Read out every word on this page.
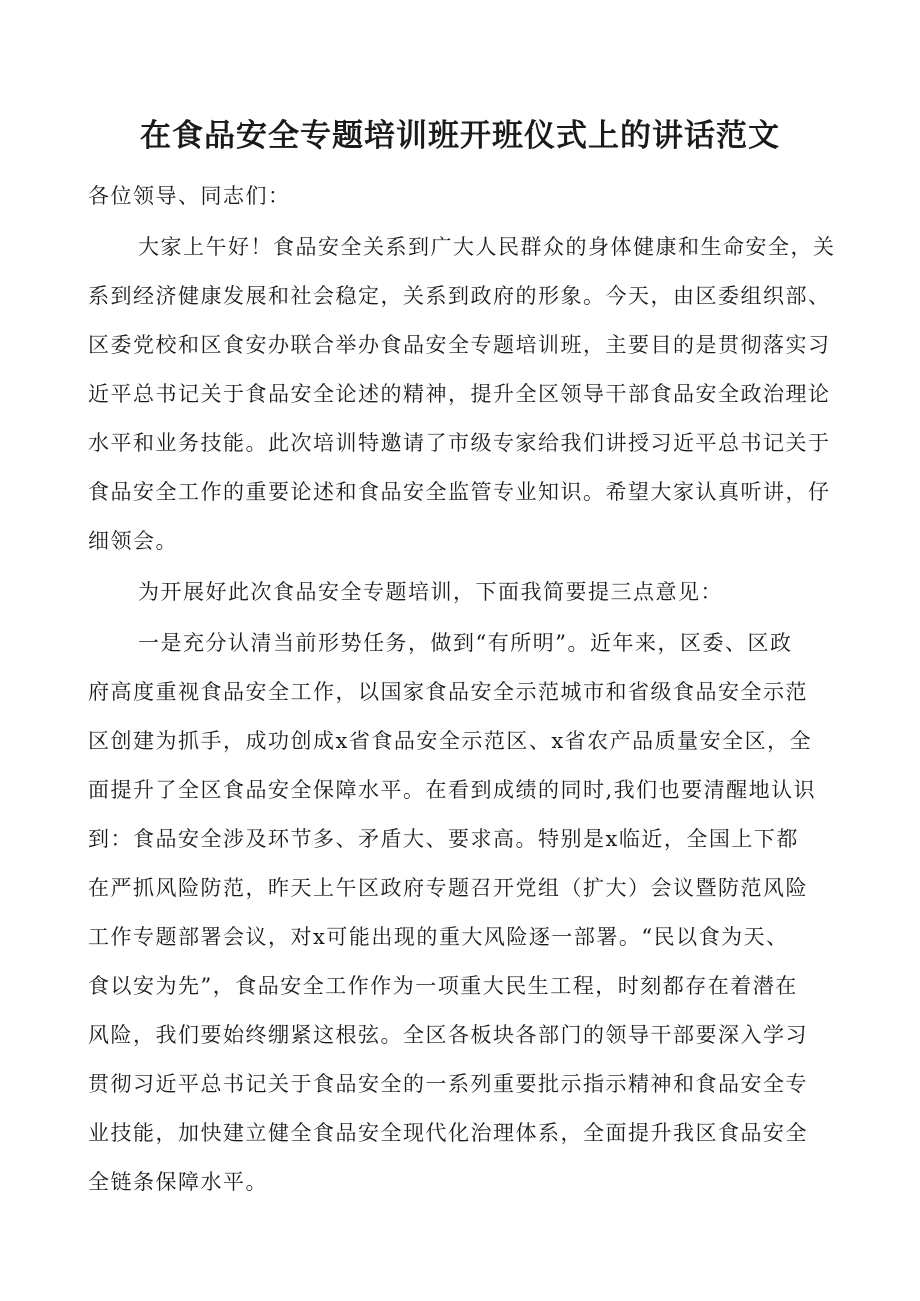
在食品安全专题培训班开班仪式上的讲话范文
各位领导、同志们：
大家上午好！食品安全关系到广大人民群众的身体健康和生命安全，关
系到经济健康发展和社会稳定，关系到政府的形象。今天，由区委组织部、
区委党校和区食安办联合举办食品安全专题培训班，主要目的是贯彻落实习
近平总书记关于食品安全论述的精神，提升全区领导干部食品安全政治理论
水平和业务技能。此次培训特邀请了市级专家给我们讲授习近平总书记关于
食品安全工作的重要论述和食品安全监管专业知识。希望大家认真听讲，仔
细领会。
为开展好此次食品安全专题培训，下面我简要提三点意见：
一是充分认清当前形势任务，做到“有所明”。近年来，区委、区政
府高度重视食品安全工作，以国家食品安全示范城市和省级食品安全示范
区创建为抓手，成功创成x省食品安全示范区、x省农产品质量安全区，全
面提升了全区食品安全保障水平。在看到成绩的同时,我们也要清醒地认识
到：食品安全涉及环节多、矛盾大、要求高。特别是x临近，全国上下都
在严抓风险防范，昨天上午区政府专题召开党组（扩大）会议暨防范风险
工作专题部署会议，对x可能出现的重大风险逐一部署。“民以食为天、
食以安为先”，食品安全工作作为一项重大民生工程，时刻都存在着潜在
风险，我们要始终绷紧这根弦。全区各板块各部门的领导干部要深入学习
贯彻习近平总书记关于食品安全的一系列重要批示指示精神和食品安全专
业技能，加快建立健全食品安全现代化治理体系，全面提升我区食品安全
全链条保障水平。
